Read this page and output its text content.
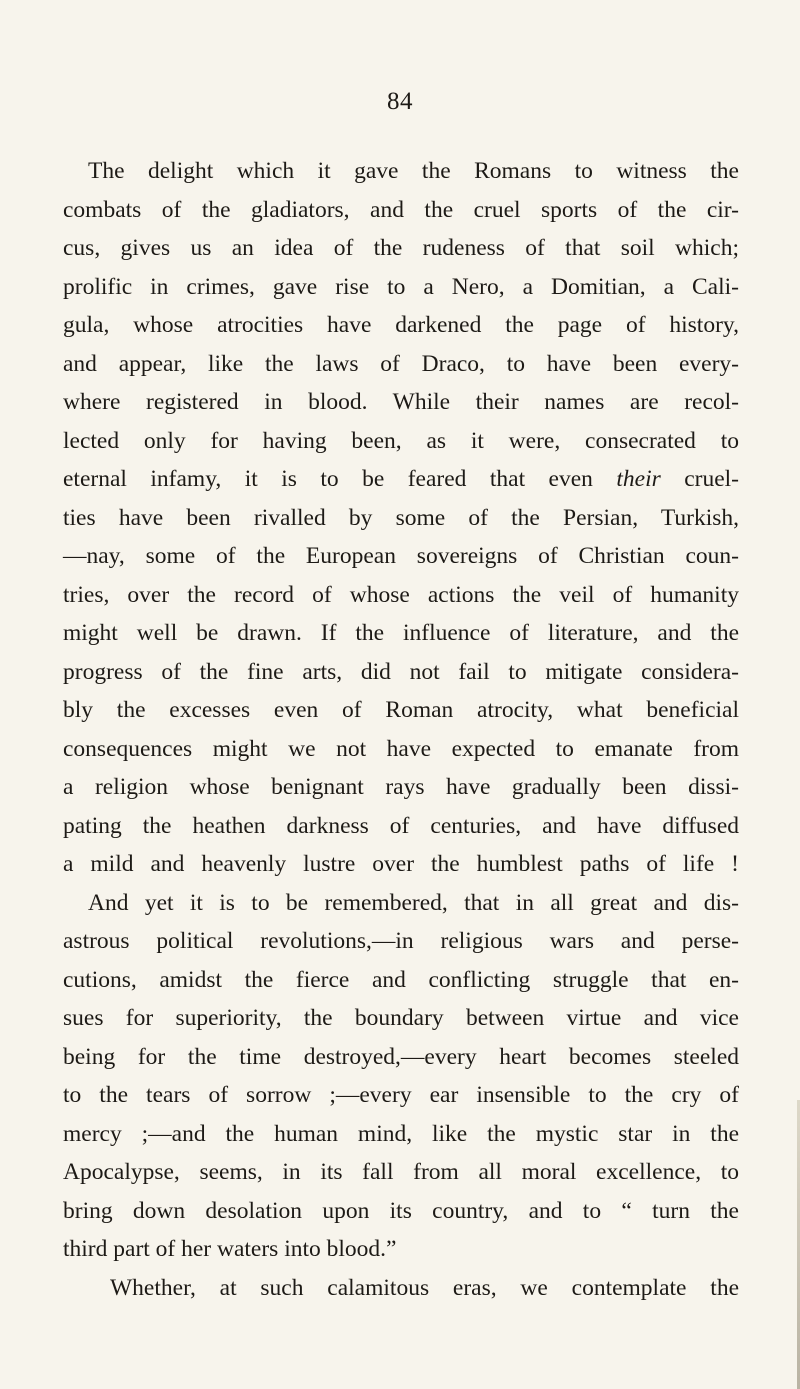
84
The delight which it gave the Romans to witness the
combats of the gladiators, and the cruel sports of the cir-
cus, gives us an idea of the rudeness of that soil which;
prolific in crimes, gave rise to a Nero, a Domitian, a Cali-
gula, whose atrocities have darkened the page of history,
and appear, like the laws of Draco, to have been every-
where registered in blood. While their names are recol-
lected only for having been, as it were, consecrated to
eternal infamy, it is to be feared that even their cruel-
ties have been rivalled by some of the Persian, Turkish,
—nay, some of the European sovereigns of Christian coun-
tries, over the record of whose actions the veil of humanity
might well be drawn. If the influence of literature, and the
progress of the fine arts, did not fail to mitigate considera-
bly the excesses even of Roman atrocity, what beneficial
consequences might we not have expected to emanate from
a religion whose benignant rays have gradually been dissi-
pating the heathen darkness of centuries, and have diffused
a mild and heavenly lustre over the humblest paths of life !
And yet it is to be remembered, that in all great and dis-
astrous political revolutions,—in religious wars and perse-
cutions, amidst the fierce and conflicting struggle that en-
sues for superiority, the boundary between virtue and vice
being for the time destroyed,—every heart becomes steeled
to the tears of sorrow ;—every ear insensible to the cry of
mercy ;—and the human mind, like the mystic star in the
Apocalypse, seems, in its fall from all moral excellence, to
bring down desolation upon its country, and to “ turn the
third part of her waters into blood.”
Whether, at such calamitous eras, we contemplate the
